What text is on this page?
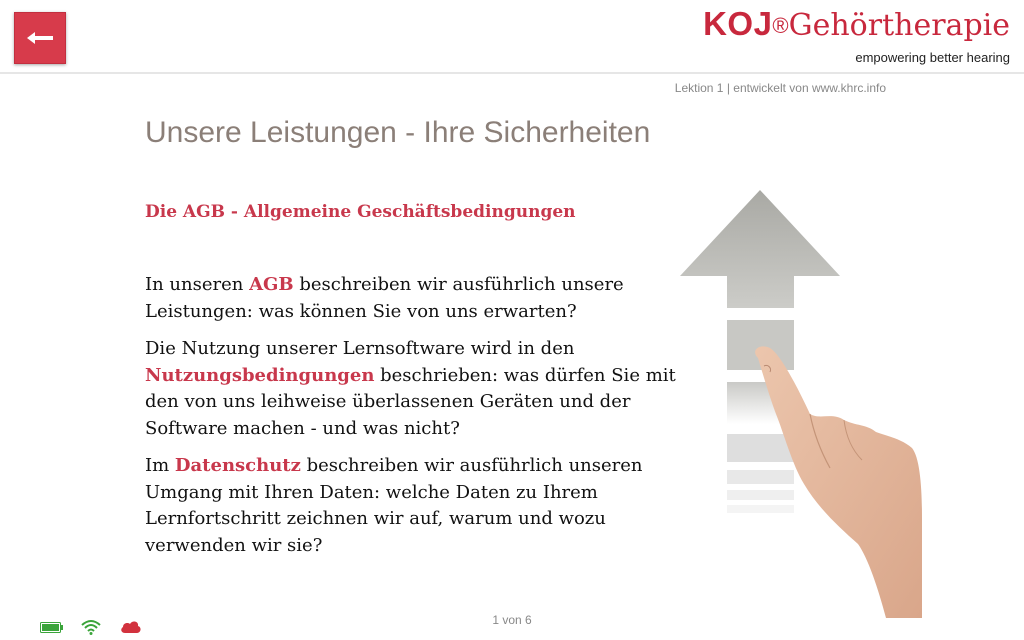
KOJ®Gehörtherapie
empowering better hearing
Lektion 1 | entwickelt von www.khrc.info
Unsere Leistungen - Ihre Sicherheiten
Die AGB - Allgemeine Geschäftsbedingungen

In unseren AGB beschreiben wir ausführlich unsere Leistungen: was können Sie von uns erwarten?

Die Nutzung unserer Lernsoftware wird in den Nutzungsbedingungen beschrieben: was dürfen Sie mit den von uns leihweise überlassenen Geräten und der Software machen - und was nicht?

Im Datenschutz beschreiben wir ausführlich unseren Umgang mit Ihren Daten: welche Daten zu Ihrem Lernfortschritt zeichnen wir auf, warum und wozu verwenden wir sie?

1 von 6
